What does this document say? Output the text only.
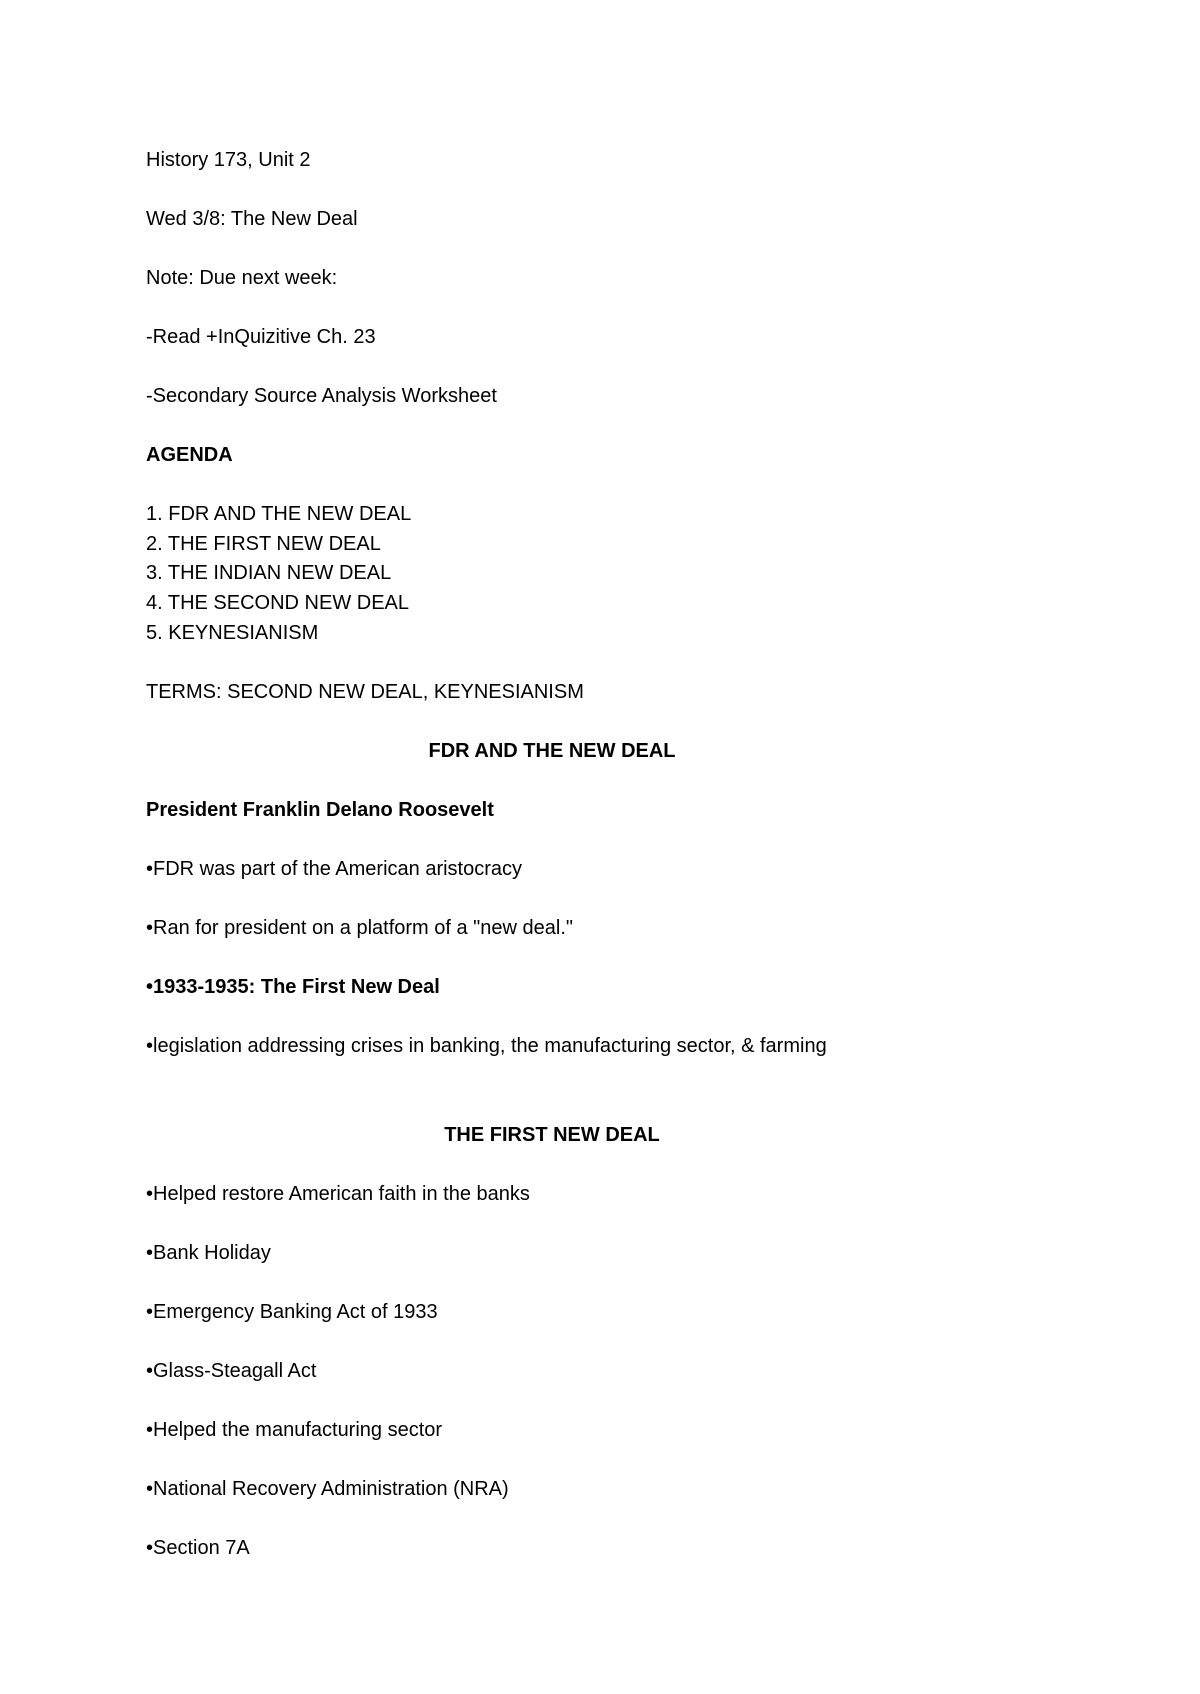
History 173, Unit 2
Wed 3/8: The New Deal
Note: Due next week:
-Read +InQuizitive Ch. 23
-Secondary Source Analysis Worksheet
AGENDA
1. FDR AND THE NEW DEAL
2. THE FIRST NEW DEAL
3. THE INDIAN NEW DEAL
4. THE SECOND NEW DEAL
5. KEYNESIANISM
TERMS: SECOND NEW DEAL, KEYNESIANISM
FDR AND THE NEW DEAL
President Franklin Delano Roosevelt
•FDR was part of the American aristocracy
•Ran for president on a platform of a "new deal."
•1933-1935: The First New Deal
•legislation addressing crises in banking, the manufacturing sector, & farming
THE FIRST NEW DEAL
•Helped restore American faith in the banks
•Bank Holiday
•Emergency Banking Act of 1933
•Glass-Steagall Act
•Helped the manufacturing sector
•National Recovery Administration (NRA)
•Section 7A
